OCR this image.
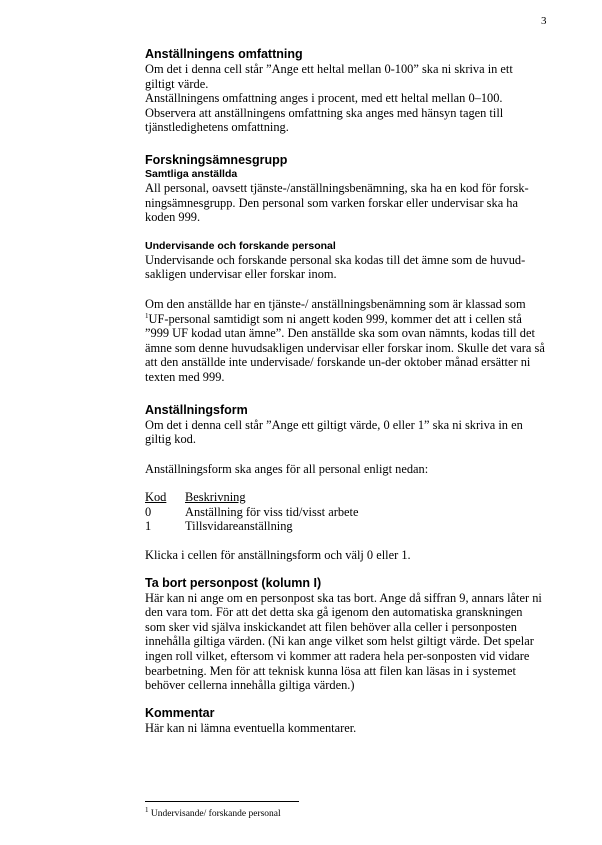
3
Anställningens omfattning

Om det i denna cell står ”Ange ett heltal mellan 0-100” ska ni skriva in ett giltigt värde.

Anställningens omfattning anges i procent, med ett heltal mellan 0–100. Observera att anställningens omfattning ska anges med hänsyn tagen till tjänstledighetens omfattning.

Forskningsämnesgrupp
Samtliga anställda

All personal, oavsett tjänste-/anställningsbenämning, ska ha en kod för forsk-ningsämnesgrupp. Den personal som varken forskar eller undervisar ska ha koden 999.

Undervisande och forskande personal

Undervisande och forskande personal ska kodas till det ämne som de huvud-sakligen undervisar eller forskar inom.

Om den anställde har en tjänste-/ anställningsbenämning som är klassad som $^1$UF-personal samtidigt som ni angett koden 999, kommer det att i cellen stå ”999 UF kodad utan ämne”. Den anställde ska som ovan nämnts, kodas till det ämne som denne huvudsakligen undervisar eller forskar inom. Skulle det vara så att den anställde inte undervisade/ forskande un-der oktober månad ersätter ni texten med 999.

Anställningsform

Om det i denna cell står ”Ange ett giltigt värde, 0 eller 1” ska ni skriva in en giltig kod.

Anställningsform ska anges för all personal enligt nedan:

Kod	Beskrivning
0	Anställning för viss tid/visst arbete
1	Tillsvidareanställning

Klicka i cellen för anställningsform och välj 0 eller 1.

Ta bort personpost (kolumn I)

Här kan ni ange om en personpost ska tas bort. Ange då siffran 9, annars låter ni den vara tom. För att det detta ska gå igenom den automatiska granskningen som sker vid själva inskickandet att filen behöver alla celler i personposten innehålla giltiga värden. (Ni kan ange vilket som helst giltigt värde. Det spelar ingen roll vilket, eftersom vi kommer att radera hela per-sonposten vid vidare bearbetning. Men för att teknisk kunna lösa att filen kan läsas in i systemet behöver cellerna innehålla giltiga värden.)

Kommentar

Här kan ni lämna eventuella kommentarer.

$^1$ Undervisande/ forskande personal
